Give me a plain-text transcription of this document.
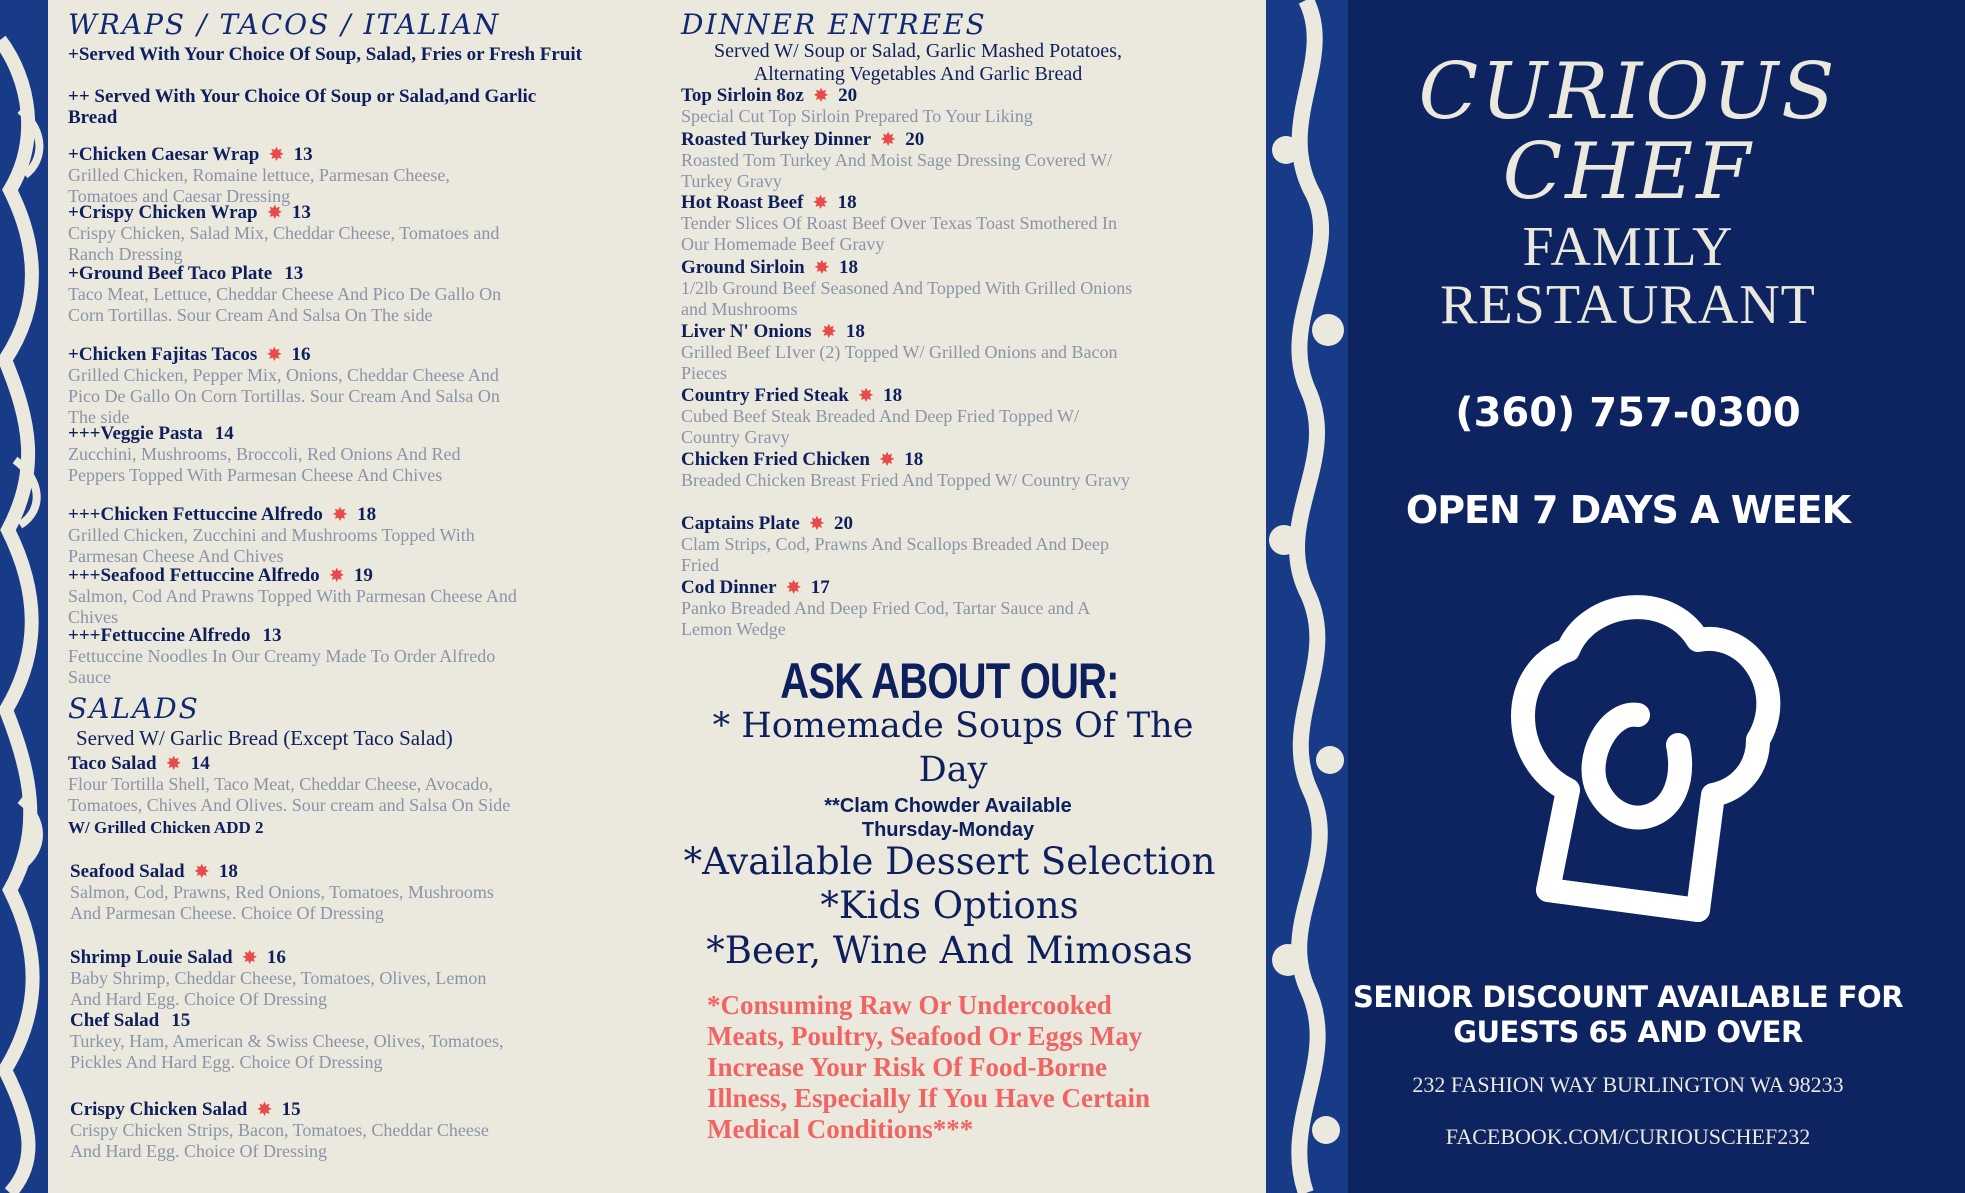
WRAPS / TACOS / ITALIAN
+Served With Your Choice Of Soup, Salad, Fries or Fresh Fruit
++ Served With Your Choice Of Soup or Salad,and Garlic Bread
+Chicken Caesar Wrap ✸ 13
Grilled Chicken, Romaine lettuce, Parmesan Cheese, Tomatoes and Caesar Dressing
+Crispy Chicken Wrap ✸ 13
Crispy Chicken, Salad Mix, Cheddar Cheese, Tomatoes and Ranch Dressing
+Ground Beef Taco Plate 13
Taco Meat, Lettuce, Cheddar Cheese And Pico De Gallo On Corn Tortillas. Sour Cream And Salsa On The side
+Chicken Fajitas Tacos ✸ 16
Grilled Chicken, Pepper Mix, Onions, Cheddar Cheese And Pico De Gallo On Corn Tortillas. Sour Cream And Salsa On The side
+++Veggie Pasta 14
Zucchini, Mushrooms, Broccoli, Red Onions And Red Peppers Topped With Parmesan Cheese And Chives
+++Chicken Fettuccine Alfredo ✸ 18
Grilled Chicken, Zucchini and Mushrooms Topped With Parmesan Cheese And Chives
+++Seafood Fettuccine Alfredo ✸ 19
Salmon, Cod And Prawns Topped With Parmesan Cheese And Chives
+++Fettuccine Alfredo 13
Fettuccine Noodles In Our Creamy Made To Order Alfredo Sauce
SALADS
Served W/ Garlic Bread (Except Taco Salad)
Taco Salad ✸ 14
Flour Tortilla Shell, Taco Meat, Cheddar Cheese, Avocado, Tomatoes, Chives And Olives. Sour cream and Salsa On Side
W/ Grilled Chicken ADD 2
Seafood Salad ✸ 18
Salmon, Cod, Prawns, Red Onions, Tomatoes, Mushrooms And Parmesan Cheese. Choice Of Dressing
Shrimp Louie Salad ✸ 16
Baby Shrimp, Cheddar Cheese, Tomatoes, Olives, Lemon And Hard Egg. Choice Of Dressing
Chef Salad 15
Turkey, Ham, American & Swiss Cheese, Olives, Tomatoes, Pickles And Hard Egg. Choice Of Dressing
Crispy Chicken Salad ✸ 15
Crispy Chicken Strips, Bacon, Tomatoes, Cheddar Cheese And Hard Egg. Choice Of Dressing
DINNER ENTREES
Served W/ Soup or Salad, Garlic Mashed Potatoes, Alternating Vegetables And Garlic Bread
Top Sirloin 8oz ✸ 20
Special Cut Top Sirloin Prepared To Your Liking
Roasted Turkey Dinner ✸ 20
Roasted Tom Turkey And Moist Sage Dressing Covered W/ Turkey Gravy
Hot Roast Beef ✸ 18
Tender Slices Of Roast Beef Over Texas Toast Smothered In Our Homemade Beef Gravy
Ground Sirloin ✸ 18
1/2lb Ground Beef Seasoned And Topped With Grilled Onions and Mushrooms
Liver N' Onions ✸ 18
Grilled Beef LIver (2) Topped W/ Grilled Onions and Bacon Pieces
Country Fried Steak ✸ 18
Cubed Beef Steak Breaded And Deep Fried Topped W/ Country Gravy
Chicken Fried Chicken ✸ 18
Breaded Chicken Breast Fried And Topped W/ Country Gravy
Captains Plate ✸ 20
Clam Strips, Cod, Prawns And Scallops Breaded And Deep Fried
Cod Dinner ✸ 17
Panko Breaded And Deep Fried Cod, Tartar Sauce and A Lemon Wedge
ASK ABOUT OUR:
* Homemade Soups Of The Day
**Clam Chowder Available Thursday-Monday
*Available Dessert Selection
*Kids Options
*Beer, Wine And Mimosas
*Consuming Raw Or Undercooked Meats, Poultry, Seafood Or Eggs May Increase Your Risk Of Food-Borne Illness, Especially If You Have Certain Medical Conditions***
CURIOUS
CHEF
FAMILY
RESTAURANT
(360) 757-0300
OPEN 7 DAYS A WEEK
SENIOR DISCOUNT AVAILABLE FOR GUESTS 65 AND OVER
232 FASHION WAY BURLINGTON WA 98233
FACEBOOK.COM/CURIOUSCHEF232
